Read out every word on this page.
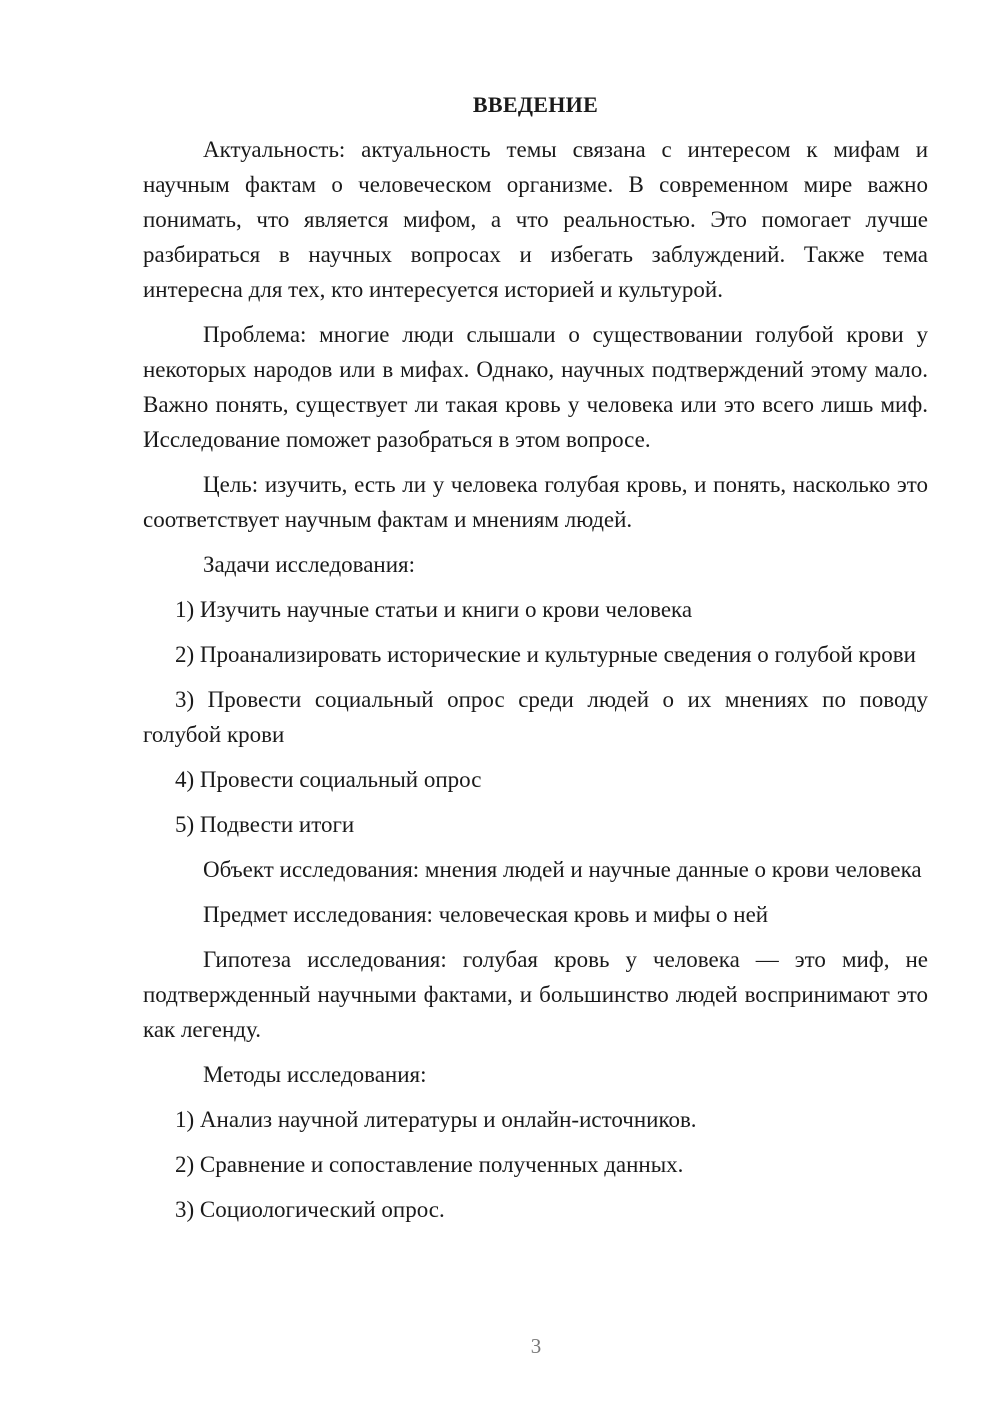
ВВЕДЕНИЕ

Актуальность: актуальность темы связана с интересом к мифам и научным фактам о человеческом организме. В современном мире важно понимать, что является мифом, а что реальностью. Это помогает лучше разбираться в научных вопросах и избегать заблуждений. Также тема интересна для тех, кто интересуется историей и культурой.

Проблема: многие люди слышали о существовании голубой крови у некоторых народов или в мифах. Однако, научных подтверждений этому мало. Важно понять, существует ли такая кровь у человека или это всего лишь миф. Исследование поможет разобраться в этом вопросе.

Цель: изучить, есть ли у человека голубая кровь, и понять, насколько это соответствует научным фактам и мнениям людей.

Задачи исследования:

1) Изучить научные статьи и книги о крови человека

2) Проанализировать исторические и культурные сведения о голубой крови

3) Провести социальный опрос среди людей о их мнениях по поводу голубой крови

4) Провести социальный опрос

5) Подвести итоги

Объект исследования: мнения людей и научные данные о крови человека

Предмет исследования: человеческая кровь и мифы о ней

Гипотеза исследования: голубая кровь у человека — это миф, не подтвержденный научными фактами, и большинство людей воспринимают это как легенду.

Методы исследования:

1) Анализ научной литературы и онлайн-источников.

2) Сравнение и сопоставление полученных данных.

3) Социологический опрос.

3
